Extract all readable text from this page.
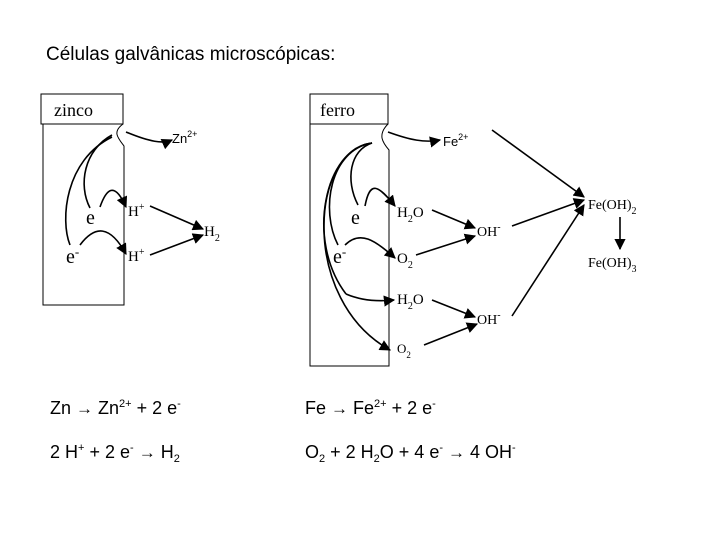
Células galvânicas microscópicas:
zinco	ferro
$Zn^{2+}$	$Fe^{2+}$
e
e-
e
e-
H+
H+
$H_2$
$H_2O$
$O_2$
$H_2O$
$O_2$
OH-
OH-
$Fe(OH)_2$
$Fe(OH)_3$
$Zn \to Zn^{2+} + 2$ e-	$Fe \to Fe^{2+} + 2$ e-
2 H+ + 2 $e^- \to H_2$	$O_2 + 2$ $H_2O + 4$ e- → 4 OH-
